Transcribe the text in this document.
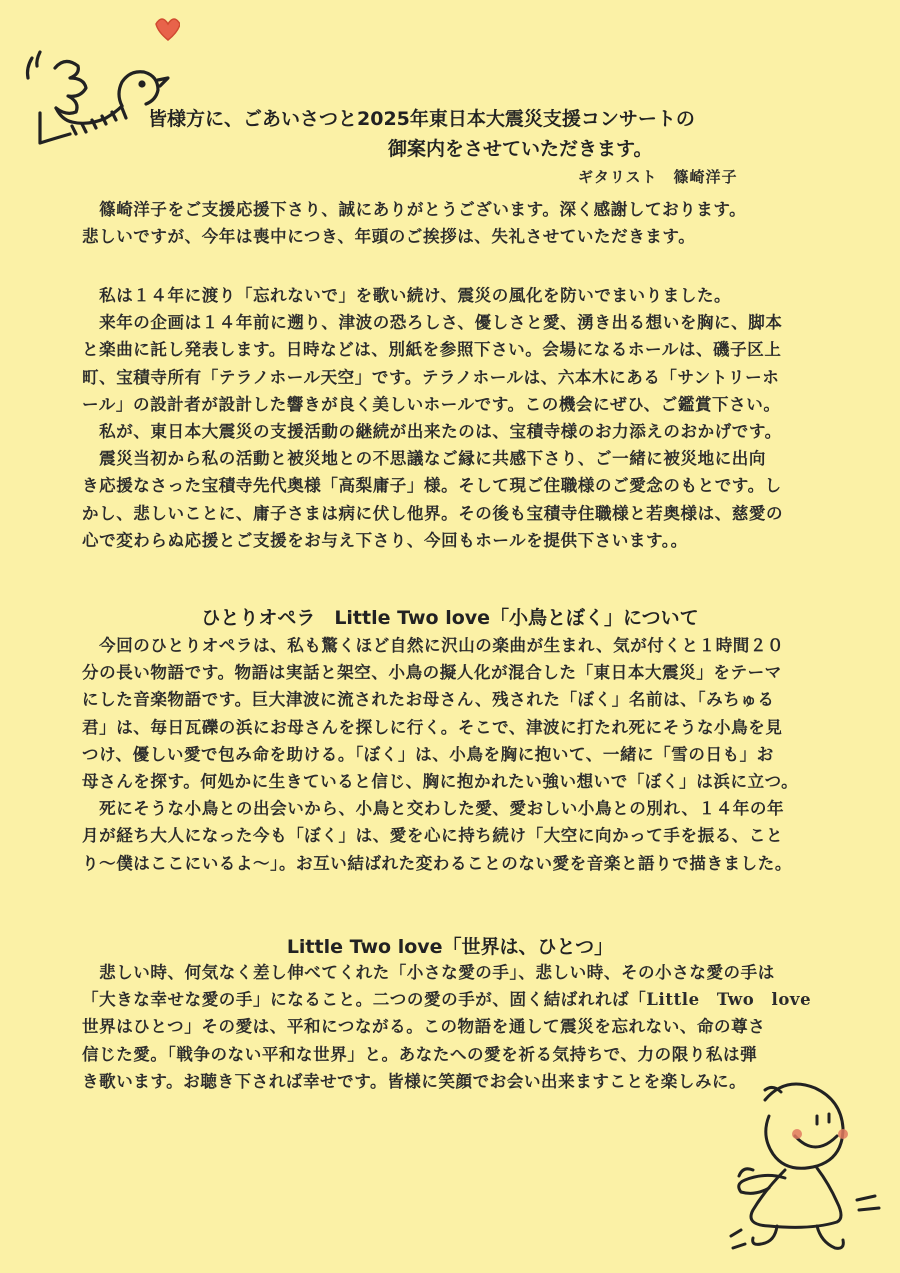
皆様方に、ごあいさつと2025年東日本大震災支援コンサートの
御案内をさせていただきます。
ギタリスト　篠崎洋子
　篠崎洋子をご支援応援下さり、誠にありがとうございます。深く感謝しております。
悲しいですが、今年は喪中につき、年頭のご挨拶は、失礼させていただきます。
　私は１４年に渡り「忘れないで」を歌い続け、震災の風化を防いでまいりました。
　来年の企画は１４年前に遡り、津波の恐ろしさ、優しさと愛、湧き出る想いを胸に、脚本
と楽曲に託し発表します。日時などは、別紙を参照下さい。会場になるホールは、磯子区上
町、宝積寺所有「テラノホール天空」です。テラノホールは、六本木にある「サントリーホ
ール」の設計者が設計した響きが良く美しいホールです。この機会にぜひ、ご鑑賞下さい。
　私が、東日本大震災の支援活動の継続が出来たのは、宝積寺様のお力添えのおかげです。
　震災当初から私の活動と被災地との不思議なご縁に共感下さり、ご一緒に被災地に出向
き応援なさった宝積寺先代奥様「高梨庸子」様。そして現ご住職様のご愛念のもとです。し
かし、悲しいことに、庸子さまは病に伏し他界。その後も宝積寺住職様と若奥様は、慈愛の
心で変わらぬ応援とご支援をお与え下さり、今回もホールを提供下さいます。。
ひとりオペラ　Little Two love「小鳥とぼく」について
　今回のひとりオペラは、私も驚くほど自然に沢山の楽曲が生まれ、気が付くと１時間２０
分の長い物語です。物語は実話と架空、小鳥の擬人化が混合した「東日本大震災」をテーマ
にした音楽物語です。巨大津波に流されたお母さん、残された「ぼく」名前は、「みちゅる
君」は、毎日瓦礫の浜にお母さんを探しに行く。そこで、津波に打たれ死にそうな小鳥を見
つけ、優しい愛で包み命を助ける。「ぼく」は、小鳥を胸に抱いて、一緒に「雪の日も」お
母さんを探す。何処かに生きていると信じ、胸に抱かれたい強い想いで「ぼく」は浜に立つ。
　死にそうな小鳥との出会いから、小鳥と交わした愛、愛おしい小鳥との別れ、１４年の年
月が経ち大人になった今も「ぼく」は、愛を心に持ち続け「大空に向かって手を振る、こと
り～僕はここにいるよ～」。お互い結ばれた変わることのない愛を音楽と語りで描きました。
Little Two love「世界は、ひとつ」
　悲しい時、何気なく差し伸べてくれた「小さな愛の手」、悲しい時、その小さな愛の手は
「大きな幸せな愛の手」になること。二つの愛の手が、固く結ばれれば「Little　Two　love
世界はひとつ」その愛は、平和につながる。この物語を通して震災を忘れない、命の尊さ
信じた愛。「戦争のない平和な世界」と。あなたへの愛を祈る気持ちで、力の限り私は弾
き歌います。お聴き下されば幸せです。皆様に笑顔でお会い出来ますことを楽しみに。
